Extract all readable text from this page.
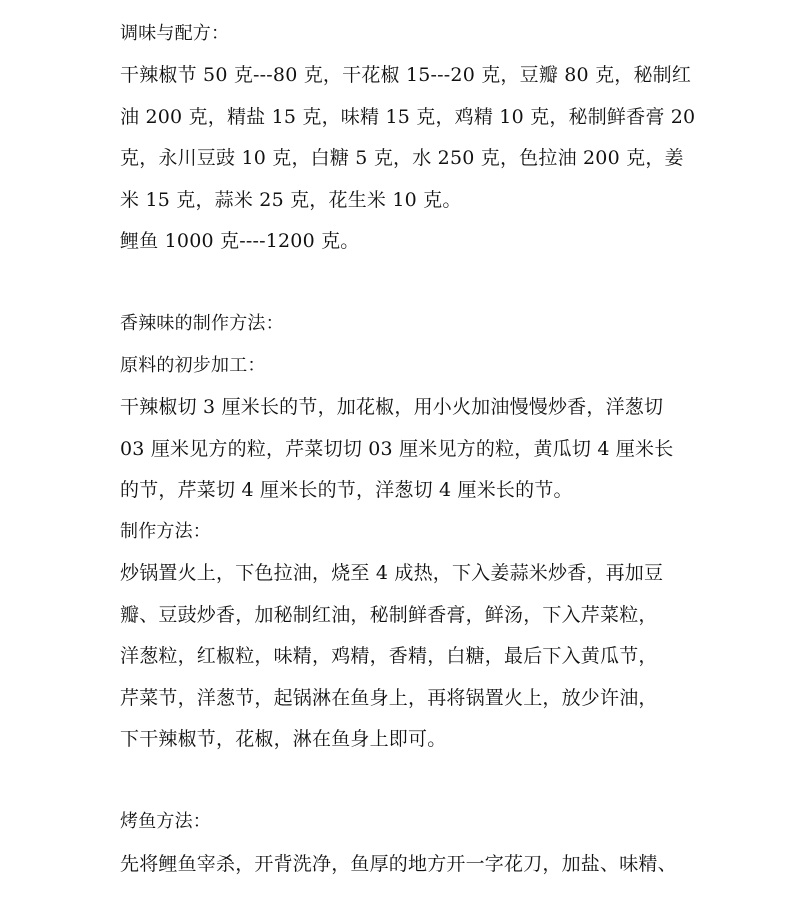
调味与配方：
干辣椒节 50 克---80 克，干花椒 15---20 克，豆瓣 80 克，秘制红
油 200 克，精盐 15 克，味精 15 克，鸡精 10 克，秘制鲜香膏 20
克，永川豆豉 10 克，白糖 5 克，水 250 克，色拉油 200 克，姜
米 15 克，蒜米 25 克，花生米 10 克。
鲤鱼 1000 克----1200 克。
香辣味的制作方法：
原料的初步加工：
干辣椒切 3 厘米长的节，加花椒，用小火加油慢慢炒香，洋葱切
03 厘米见方的粒，芹菜切切 03 厘米见方的粒，黄瓜切 4 厘米长
的节，芹菜切 4 厘米长的节，洋葱切 4 厘米长的节。
制作方法：
炒锅置火上，下色拉油，烧至 4 成热，下入姜蒜米炒香，再加豆
瓣、豆豉炒香，加秘制红油，秘制鲜香膏，鲜汤，下入芹菜粒，
洋葱粒，红椒粒，味精，鸡精，香精，白糖，最后下入黄瓜节，
芹菜节，洋葱节，起锅淋在鱼身上，再将锅置火上，放少许油，
下干辣椒节，花椒，淋在鱼身上即可。
烤鱼方法：
先将鲤鱼宰杀，开背洗净，鱼厚的地方开一字花刀，加盐、味精、
